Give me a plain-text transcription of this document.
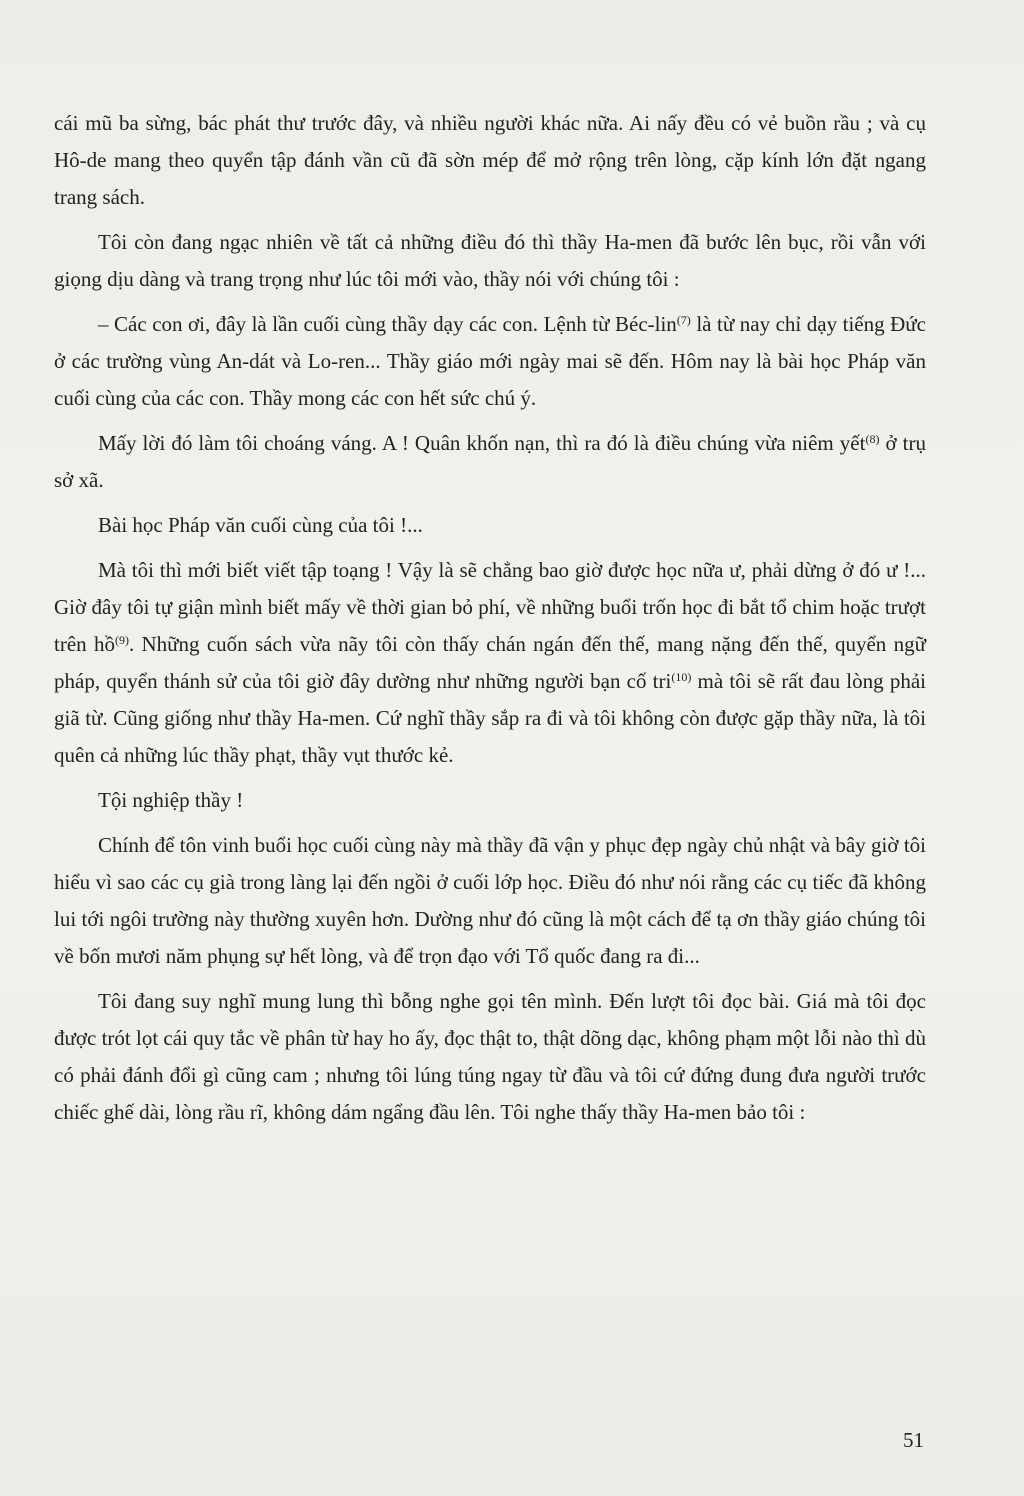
cái mũ ba sừng, bác phát thư trước đây, và nhiều người khác nữa. Ai nấy đều có vẻ buồn rầu ; và cụ Hô-de mang theo quyển tập đánh vần cũ đã sờn mép để mở rộng trên lòng, cặp kính lớn đặt ngang trang sách.

Tôi còn đang ngạc nhiên về tất cả những điều đó thì thầy Ha-men đã bước lên bục, rồi vẫn với giọng dịu dàng và trang trọng như lúc tôi mới vào, thầy nói với chúng tôi :

– Các con ơi, đây là lần cuối cùng thầy dạy các con. Lệnh từ Béc-lin$^{(7)}$ là từ nay chỉ dạy tiếng Đức ở các trường vùng An-dát và Lo-ren... Thầy giáo mới ngày mai sẽ đến. Hôm nay là bài học Pháp văn cuối cùng của các con. Thầy mong các con hết sức chú ý.

Mấy lời đó làm tôi choáng váng. A ! Quân khốn nạn, thì ra đó là điều chúng vừa niêm yết$^{(8)}$ ở trụ sở xã.

Bài học Pháp văn cuối cùng của tôi !...

Mà tôi thì mới biết viết tập toạng ! Vậy là sẽ chẳng bao giờ được học nữa ư, phải dừng ở đó ư !... Giờ đây tôi tự giận mình biết mấy về thời gian bỏ phí, về những buổi trốn học đi bắt tổ chim hoặc trượt trên hồ$^{(9)}$. Những cuốn sách vừa nãy tôi còn thấy chán ngán đến thế, mang nặng đến thế, quyển ngữ pháp, quyển thánh sử của tôi giờ đây dường như những người bạn cố tri$^{(10)}$ mà tôi sẽ rất đau lòng phải giã từ. Cũng giống như thầy Ha-men. Cứ nghĩ thầy sắp ra đi và tôi không còn được gặp thầy nữa, là tôi quên cả những lúc thầy phạt, thầy vụt thước kẻ.

Tội nghiệp thầy !

Chính để tôn vinh buổi học cuối cùng này mà thầy đã vận y phục đẹp ngày chủ nhật và bây giờ tôi hiểu vì sao các cụ già trong làng lại đến ngồi ở cuối lớp học. Điều đó như nói rằng các cụ tiếc đã không lui tới ngôi trường này thường xuyên hơn. Dường như đó cũng là một cách để tạ ơn thầy giáo chúng tôi về bốn mươi năm phụng sự hết lòng, và để trọn đạo với Tổ quốc đang ra đi...

Tôi đang suy nghĩ mung lung thì bỗng nghe gọi tên mình. Đến lượt tôi đọc bài. Giá mà tôi đọc được trót lọt cái quy tắc về phân từ hay ho ấy, đọc thật to, thật dõng dạc, không phạm một lỗi nào thì dù có phải đánh đổi gì cũng cam ; nhưng tôi lúng túng ngay từ đầu và tôi cứ đứng đung đưa người trước chiếc ghế dài, lòng rầu rĩ, không dám ngẩng đầu lên. Tôi nghe thấy thầy Ha-men bảo tôi :

51
